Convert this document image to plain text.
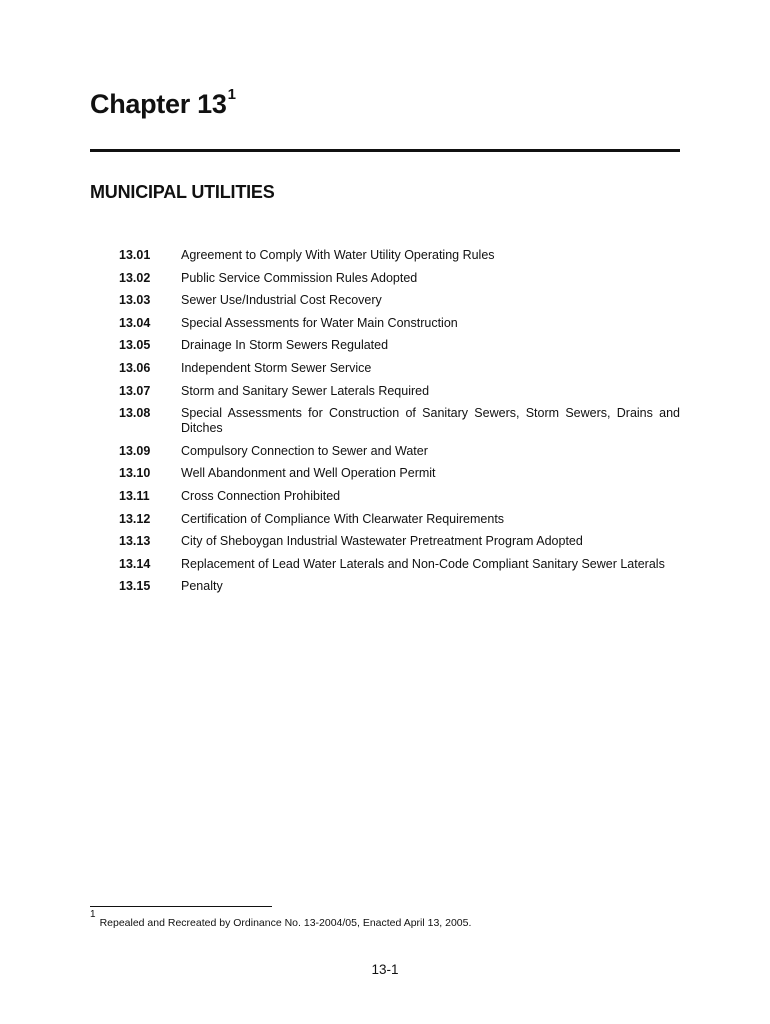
Chapter $13^1$
MUNICIPAL UTILITIES
13.01	Agreement to Comply With Water Utility Operating Rules
13.02	Public Service Commission Rules Adopted
13.03	Sewer Use/Industrial Cost Recovery
13.04	Special Assessments for Water Main Construction
13.05	Drainage In Storm Sewers Regulated
13.06	Independent Storm Sewer Service
13.07	Storm and Sanitary Sewer Laterals Required
13.08	Special Assessments for Construction of Sanitary Sewers, Storm Sewers, Drains and Ditches
13.09	Compulsory Connection to Sewer and Water
13.10	Well Abandonment and Well Operation Permit
13.11	Cross Connection Prohibited
13.12	Certification of Compliance With Clearwater Requirements
13.13	City of Sheboygan Industrial Wastewater Pretreatment Program Adopted
13.14	Replacement of Lead Water Laterals and Non-Code Compliant Sanitary Sewer Laterals
13.15	Penalty
1Repealed and Recreated by Ordinance No. 13-2004/05, Enacted April 13, 2005.
13-1
